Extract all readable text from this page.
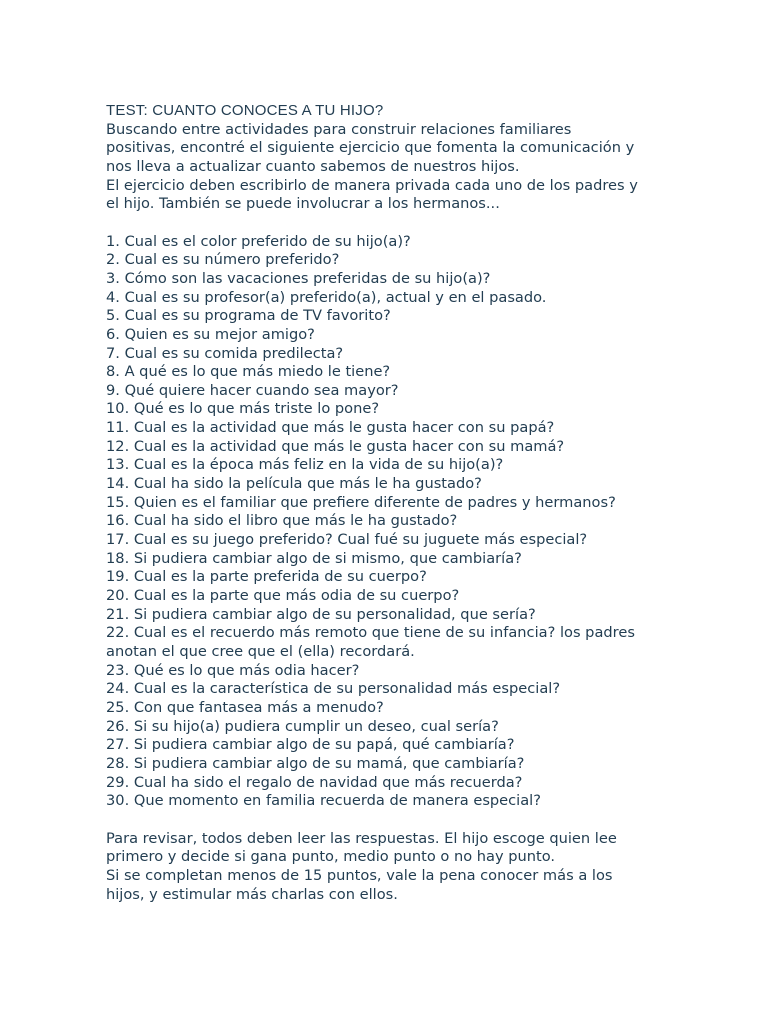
TEST: CUANTO CONOCES A TU HIJO?

Buscando entre actividades para construir relaciones familiares

positivas, encontré el siguiente ejercicio que fomenta la comunicación y

nos lleva a actualizar cuanto sabemos de nuestros hijos.

El ejercicio deben escribirlo de manera privada cada uno de los padres y

el hijo. También se puede involucrar a los hermanos...

1. Cual es el color preferido de su hijo(a)?
2. Cual es su número preferido?
3. Cómo son las vacaciones preferidas de su hijo(a)?
4. Cual es su profesor(a) preferido(a), actual y en el pasado.
5. Cual es su programa de TV favorito?
6. Quien es su mejor amigo?
7. Cual es su comida predilecta?
8. A qué es lo que más miedo le tiene?
9. Qué quiere hacer cuando sea mayor?
10. Qué es lo que más triste lo pone?
11. Cual es la actividad que más le gusta hacer con su papá?
12. Cual es la actividad que más le gusta hacer con su mamá?
13. Cual es la época más feliz en la vida de su hijo(a)?
14. Cual ha sido la película que más le ha gustado?
15. Quien es el familiar que prefiere diferente de padres y hermanos?
16. Cual ha sido el libro que más le ha gustado?
17. Cual es su juego preferido? Cual fué su juguete más especial?
18. Si pudiera cambiar algo de si mismo, que cambiaría?
19. Cual es la parte preferida de su cuerpo?
20. Cual es la parte que más odia de su cuerpo?
21. Si pudiera cambiar algo de su personalidad, que sería?
22. Cual es el recuerdo más remoto que tiene de su infancia? los padres anotan el que cree que el (ella) recordará.
23. Qué es lo que más odia hacer?
24. Cual es la característica de su personalidad más especial?
25. Con que fantasea más a menudo?
26. Si su hijo(a) pudiera cumplir un deseo, cual sería?
27. Si pudiera cambiar algo de su papá, qué cambiaría?
28. Si pudiera cambiar algo de su mamá, que cambiaría?
29. Cual ha sido el regalo de navidad que más recuerda?
30. Que momento en familia recuerda de manera especial?

Para revisar, todos deben leer las respuestas. El hijo escoge quien lee

primero y decide si gana punto, medio punto o no hay punto.

Si se completan menos de 15 puntos, vale la pena conocer más a los

hijos, y estimular más charlas con ellos.
